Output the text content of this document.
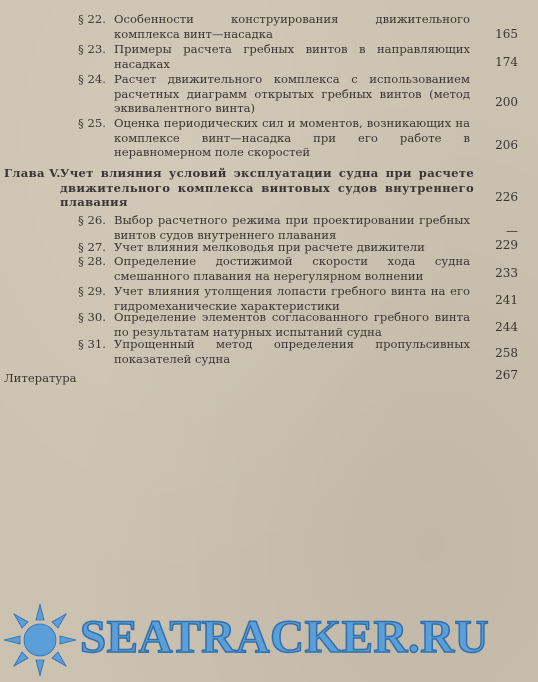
§ 22. Особенности конструирования движительного комплекса винт—насадка	165
§ 23. Примеры расчета гребных винтов в направляющих насадках	174
§ 24. Расчет движительного комплекса с использованием расчетных диаграмм открытых гребных винтов (метод эквивалентного винта)	200
§ 25. Оценка периодических сил и моментов, возникающих на комплексе винт—насадка при его работе в неравномерном поле скоростей	206
Глава V. Учет влияния условий эксплуатации судна при расчете движительного комплекса винтовых судов внутреннего плавания	226
§ 26. Выбор расчетного режима при проектировании гребных винтов судов внутреннего плавания	—
§ 27. Учет влияния мелководья при расчете движители	229
§ 28. Определение достижимой скорости хода судна смешанного плавания на нерегулярном волнении	233
§ 29. Учет влияния утолщения лопасти гребного винта на его гидромеханические характеристики	241
§ 30. Определение элементов согласованного гребного винта по результатам натурных испытаний судна	244
§ 31. Упрощенный метод определения пропульсивных показателей судна	258
Литература	267
SEATRACKER.RU
